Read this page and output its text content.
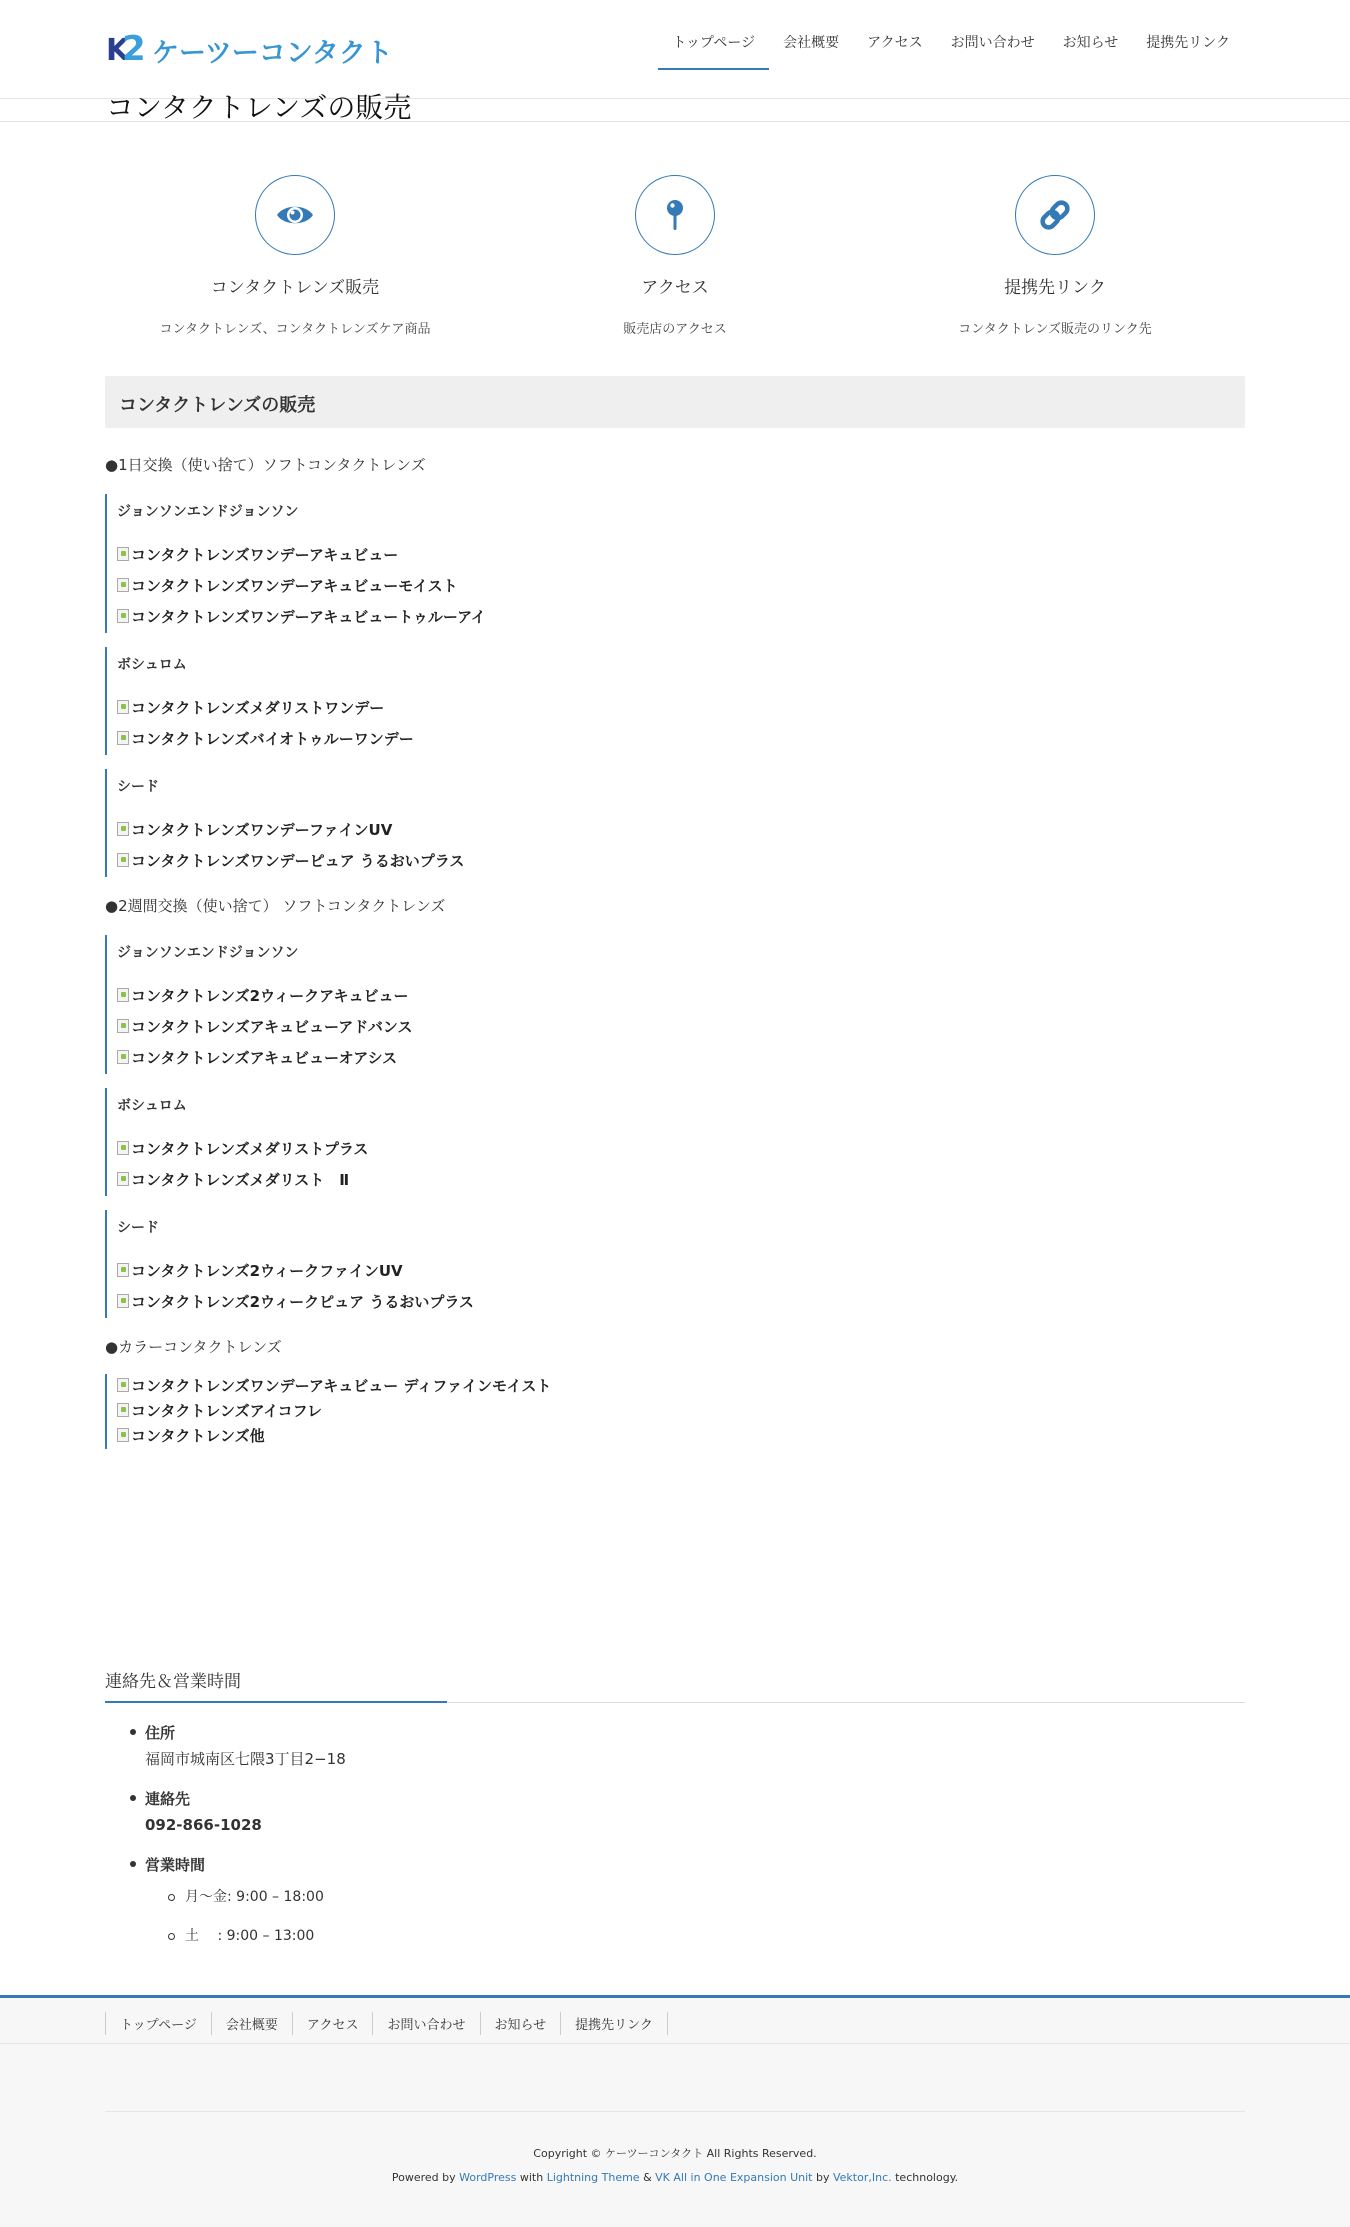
K
2 ケーツーコンタクト	トップページ	会社概要	アクセス	お問い合わせ	お知らせ	提携先リンク
コンタクトレンズの販売
コンタクトレンズ販売
コンタクトレンズ、コンタクトレンズケア商品
アクセス
販売店のアクセス
提携先リンク
コンタクトレンズ販売のリンク先
コンタクトレンズの販売
●1日交換（使い捨て）ソフトコンタクトレンズ
ジョンソンエンドジョンソン
コンタクトレンズワンデーアキュビュー
コンタクトレンズワンデーアキュビューモイスト
コンタクトレンズワンデーアキュビュートゥルーアイ
ボシュロム
コンタクトレンズメダリストワンデー
コンタクトレンズバイオトゥルーワンデー
シード
コンタクトレンズワンデーファインUV
コンタクトレンズワンデーピュア うるおいプラス
●2週間交換（使い捨て） ソフトコンタクトレンズ
ジョンソンエンドジョンソン
コンタクトレンズ2ウィークアキュビュー
コンタクトレンズアキュビューアドバンス
コンタクトレンズアキュビューオアシス
ボシュロム
コンタクトレンズメダリストプラス
コンタクトレンズメダリスト　Ⅱ
シード
コンタクトレンズ2ウィークファインUV
コンタクトレンズ2ウィークピュア うるおいプラス
●カラーコンタクトレンズ
コンタクトレンズワンデーアキュビュー ディファインモイスト
コンタクトレンズアイコフレ
コンタクトレンズ他
連絡先＆営業時間
住所
福岡市城南区七隈3丁目2−18
連絡先
092-866-1028
営業時間
月〜金: 9:00 – 18:00
土　 : 9:00 – 13:00
トップページ	会社概要	アクセス	お問い合わせ	お知らせ	提携先リンク
Copyright © ケーツーコンタクト All Rights Reserved.
Powered by WordPress with Lightning Theme & VK All in One Expansion Unit by Vektor,Inc. technology.
